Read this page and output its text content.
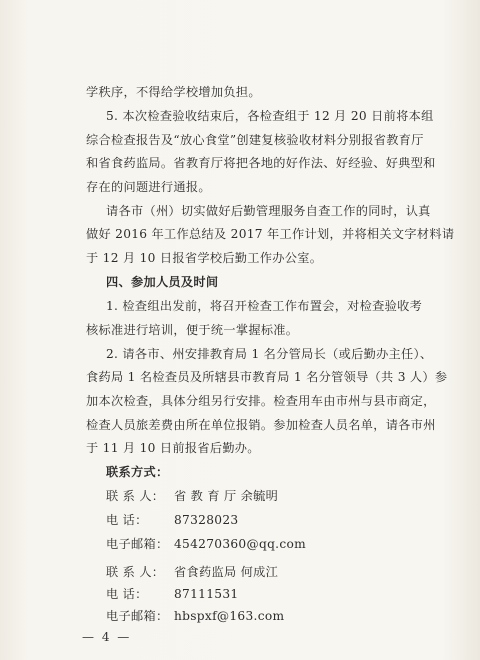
学秩序，不得给学校增加负担。
5. 本次检查验收结束后，各检查组于 12 月 20 日前将本组
综合检查报告及“放心食堂”创建复核验收材料分别报省教育厅
和省食药监局。省教育厅将把各地的好作法、好经验、好典型和
存在的问题进行通报。
请各市（州）切实做好后勤管理服务自查工作的同时，认真
做好 2016 年工作总结及 2017 年工作计划，并将相关文字材料请
于 12 月 10 日报省学校后勤工作办公室。
四、参加人员及时间
1. 检查组出发前，将召开检查工作布置会，对检查验收考
核标准进行培训，便于统一掌握标准。
2. 请各市、州安排教育局 1 名分管局长（或后勤办主任）、
食药局 1 名检查员及所辖县市教育局 1 名分管领导（共 3 人）参
加本次检查，具体分组另行安排。检查用车由市州与县市商定，
检查人员旅差费由所在单位报销。参加检查人员名单，请各市州
于 11 月 10 日前报省后勤办。
联系方式：
联 系 人： 省 教 育 厅 余毓明
电 话： 87328023
电子邮箱： 454270360@qq.com
联 系 人： 省食药监局 何成江
电 话： 87111531
电子邮箱： hbspxf@163.com
— 4 —
